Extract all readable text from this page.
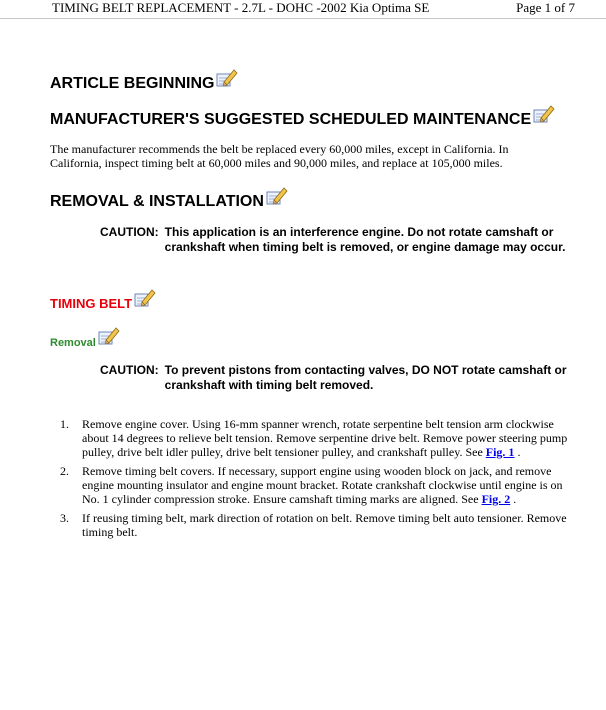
TIMING BELT REPLACEMENT - 2.7L - DOHC -2002 Kia Optima SE	Page 1 of 7
ARTICLE BEGINNING
MANUFACTURER'S SUGGESTED SCHEDULED MAINTENANCE
The manufacturer recommends the belt be replaced every 60,000 miles, except in California. In California, inspect timing belt at 60,000 miles and 90,000 miles, and replace at 105,000 miles.
REMOVAL & INSTALLATION
CAUTION: This application is an interference engine. Do not rotate camshaft or crankshaft when timing belt is removed, or engine damage may occur.
TIMING BELT
Removal
CAUTION: To prevent pistons from contacting valves, DO NOT rotate camshaft or crankshaft with timing belt removed.
1.	Remove engine cover. Using 16-mm spanner wrench, rotate serpentine belt tension arm clockwise about 14 degrees to relieve belt tension. Remove serpentine drive belt. Remove power steering pump pulley, drive belt idler pulley, drive belt tensioner pulley, and crankshaft pulley. See Fig. 1 .
2.	Remove timing belt covers. If necessary, support engine using wooden block on jack, and remove engine mounting insulator and engine mount bracket. Rotate crankshaft clockwise until engine is on No. 1 cylinder compression stroke. Ensure camshaft timing marks are aligned. See Fig. 2 .
3.	If reusing timing belt, mark direction of rotation on belt. Remove timing belt auto tensioner. Remove timing belt.
